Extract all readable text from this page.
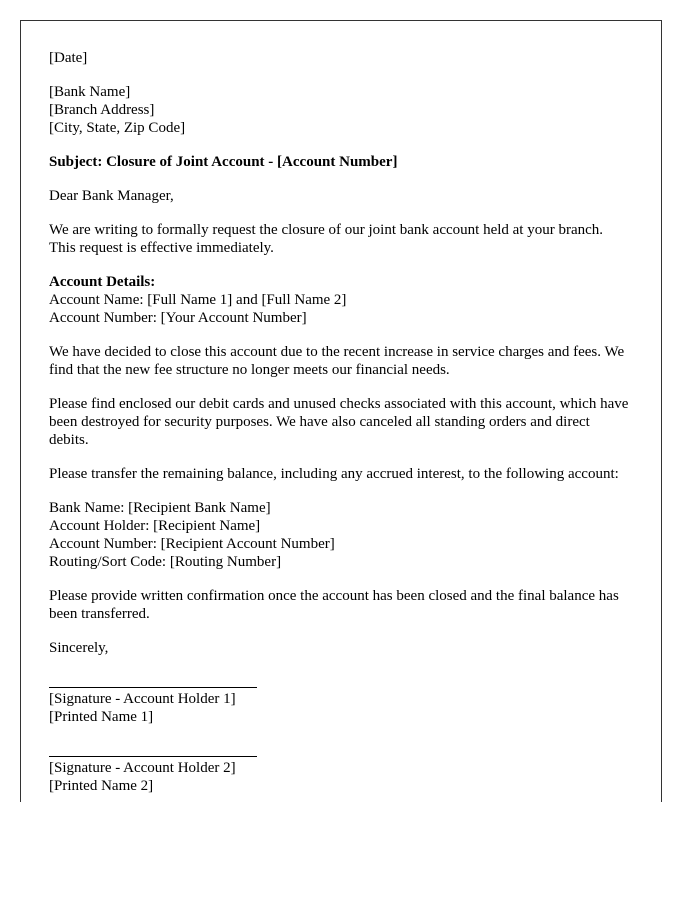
[Date]

[Bank Name]
[Branch Address]
[City, State, Zip Code]

Subject: Closure of Joint Account - [Account Number]

Dear Bank Manager,

We are writing to formally request the closure of our joint bank account held at your branch. This request is effective immediately.

Account Details:
Account Name: [Full Name 1] and [Full Name 2]
Account Number: [Your Account Number]

We have decided to close this account due to the recent increase in service charges and fees. We find that the new fee structure no longer meets our financial needs.

Please find enclosed our debit cards and unused checks associated with this account, which have been destroyed for security purposes. We have also canceled all standing orders and direct debits.

Please transfer the remaining balance, including any accrued interest, to the following account:

Bank Name: [Recipient Bank Name]
Account Holder: [Recipient Name]
Account Number: [Recipient Account Number]
Routing/Sort Code: [Routing Number]

Please provide written confirmation once the account has been closed and the final balance has been transferred.

Sincerely,

[Signature - Account Holder 1]
[Printed Name 1]
[Signature - Account Holder 2]
[Printed Name 2]
